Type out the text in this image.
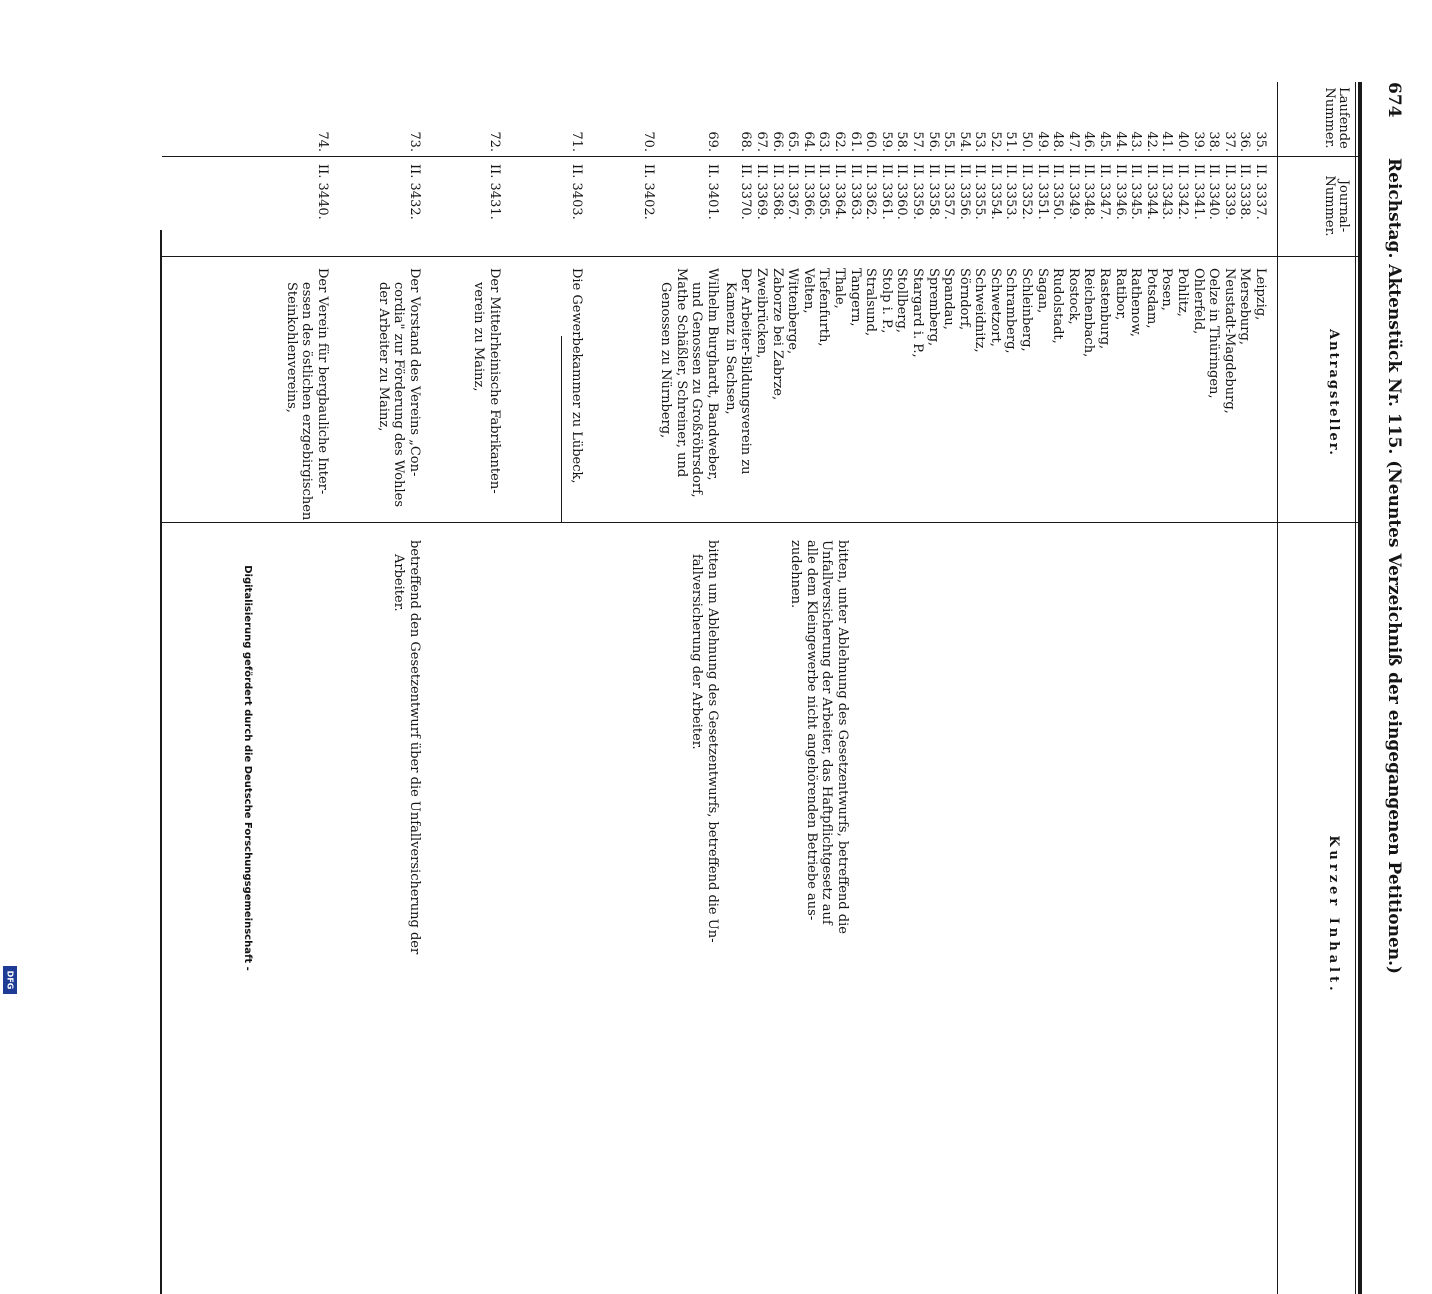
674
Reichstag. Aktenstück Nr. 115. (Neuntes Verzeichniß der eingegangenen Petitionen.)
Laufende
Nummer.
Journal-
Nummer.
Antragsteller.
Kurzer Inhalt.
35.
36.
37.
38.
39.
40.
41.
42.
43.
44.
45.
46.
47.
48.
49.
50.
51.
52.
53.
54.
55.
56.
57.
58.
59.
60.
61.
62.
63.
64.
65.
66.
67.
68.
II. 3337.
II. 3338.
II. 3339.
II. 3340.
II. 3341.
II. 3342.
II. 3343.
II. 3344.
II. 3345.
II. 3346.
II. 3347.
II. 3348.
II. 3349.
II. 3350.
II. 3351.
II. 3352.
II. 3353.
II. 3354.
II. 3355.
II. 3356.
II. 3357.
II. 3358.
II. 3359.
II. 3360.
II. 3361.
II. 3362.
II. 3363.
II. 3364.
II. 3365.
II. 3366.
II. 3367.
II. 3368.
II. 3369.
II. 3370.
Leipzig,
Merseburg,
Neustadt-Magdeburg,
Oelze in Thüringen,
Ohlerfeld,
Pohlitz,
Posen,
Potsdam,
Rathenow,
Ratibor,
Rastenburg,
Reichenbach,
Rostock,
Rudolstadt,
Sagan,
Schleinberg,
Schramberg,
Schwetzort,
Schweidnitz,
Sörndorf,
Spandau,
Spremberg,
Stargard i. P.,
Stollberg,
Stolp i. P.,
Stralsund,
Tangern,
Thale,
Tiefenfurth,
Velten,
Wittenberge,
Zaborze bei Zabrze,
Zweibrücken,
Der Arbeiter-Bildungsverein zu
Kamenz in Sachsen,
bitten, unter Ablehnung des Gesetzentwurfs, betreffend die
Unfallversicherung der Arbeiter, das Haftpflichtgesetz auf
alle dem Kleingewerbe nicht angehörenden Betriebe aus-
zudehnen.
69.
II. 3401.
Wilhelm Burghardt, Bandweber,
und Genossen zu Großröhrsdorf,
Mathe Schäßler, Schreiner, und
Genossen zu Nürnberg,
70.
II. 3402.
71.
II. 3403.
Die Gewerbekammer zu Lübeck,
bitten um Ablehnung des Gesetzentwurfs, betreffend die Un-
fallversicherung der Arbeiter.
72.
II. 3431.
Der Mittelrheinische Fabrikanten-
verein zu Mainz,
73.
II. 3432.
Der Vorstand des Vereins „Con-
cordia" zur Förderung des Wohles
der Arbeiter zu Mainz,
74.
II. 3440.
Der Verein für bergbauliche Inter-
essen des östlichen erzgebirgischen
Steinkohlenvereins,
betreffend den Gesetzentwurf über die Unfallversicherung der
Arbeiter.
Digitalisierung gefördert durch die Deutsche Forschungsgemeinschaft -
DFG
